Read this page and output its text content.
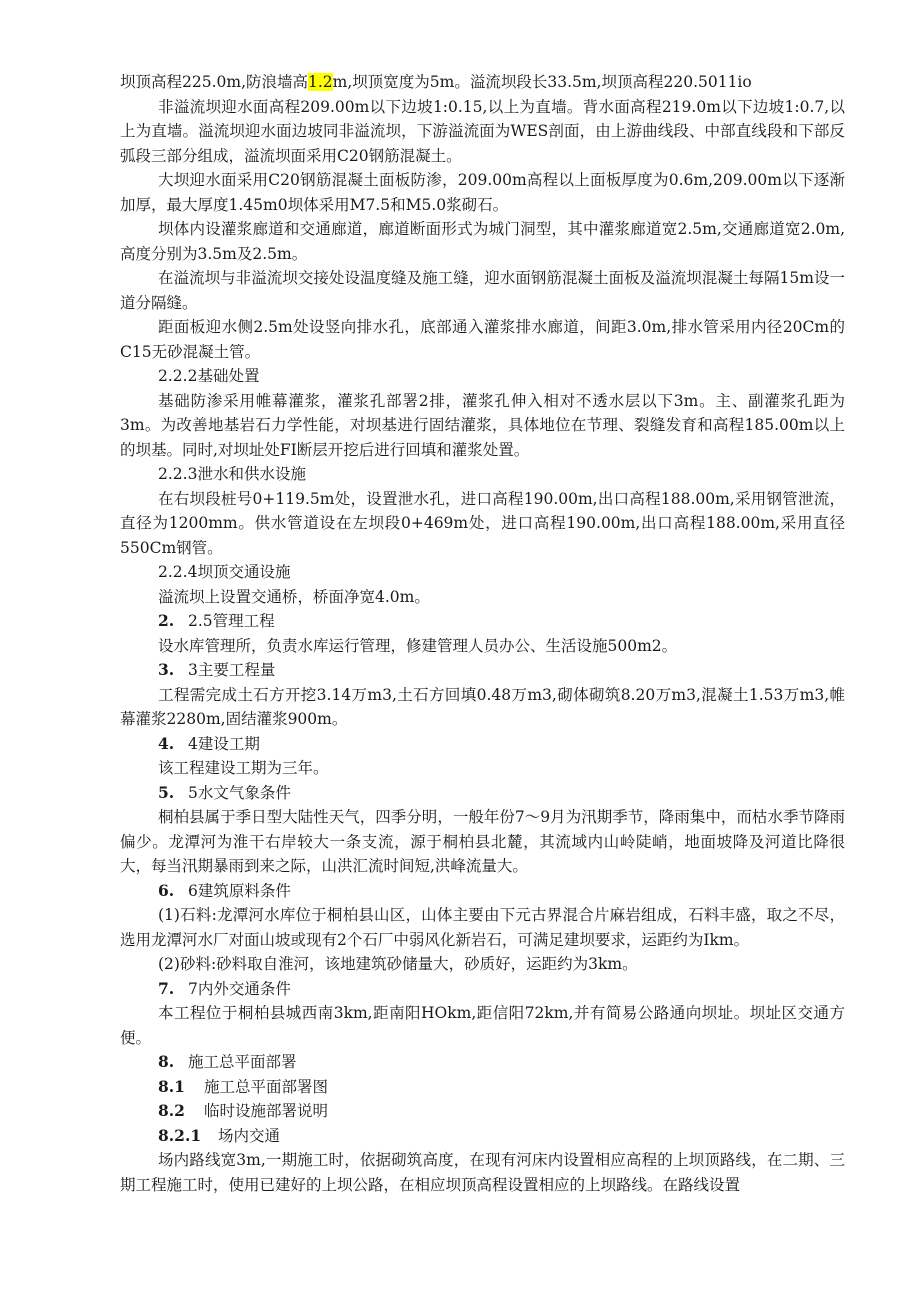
坝顶高程225.0m,防浪墙高1.2m,坝顶宽度为5m。溢流坝段长33.5m,坝顶高程220.5011io

非溢流坝迎水面高程209.00m以下边坡1:0.15,以上为直墙。背水面高程219.0m以下边坡1:0.7,以上为直墙。溢流坝迎水面边坡同非溢流坝，下游溢流面为WES剖面，由上游曲线段、中部直线段和下部反弧段三部分组成，溢流坝面采用C20钢筋混凝土。

大坝迎水面采用C20钢筋混凝土面板防渗，209.00m高程以上面板厚度为0.6m,209.00m以下逐渐加厚，最大厚度1.45m0坝体采用M7.5和M5.0浆砌石。

坝体内设灌浆廊道和交通廊道，廊道断面形式为城门洞型，其中灌浆廊道宽2.5m,交通廊道宽2.0m,高度分别为3.5m及2.5m。

在溢流坝与非溢流坝交接处设温度缝及施工缝，迎水面钢筋混凝土面板及溢流坝混凝土每隔15m设一道分隔缝。

距面板迎水侧2.5m处设竖向排水孔，底部通入灌浆排水廊道，间距3.0m,排水管采用内径20Cm的C15无砂混凝土管。

2.2.2基础处置

基础防渗采用帷幕灌浆，灌浆孔部署2排，灌浆孔伸入相对不透水层以下3m。主、副灌浆孔距为3m。为改善地基岩石力学性能，对坝基进行固结灌浆，具体地位在节理、裂缝发育和高程185.00m以上的坝基。同时,对坝址处FI断层开挖后进行回填和灌浆处置。

2.2.3泄水和供水设施

在右坝段桩号0+119.5m处，设置泄水孔，进口高程190.00m,出口高程188.00m,采用钢管泄流，直径为1200mm。供水管道设在左坝段0+469m处，进口高程190.00m,出口高程188.00m,采用直径550Cm钢管。

2.2.4坝顶交通设施

溢流坝上设置交通桥，桥面净宽4.0m。

2. 2.5管理工程

设水库管理所，负责水库运行管理，修建管理人员办公、生活设施500m2。

3. 3主要工程量

工程需完成土石方开挖3.14万m3,土石方回填0.48万m3,砌体砌筑8.20万m3,混凝土1.53万m3,帷幕灌浆2280m,固结灌浆900m。

4. 4建设工期

该工程建设工期为三年。

5. 5水文气象条件

桐柏县属于季日型大陆性天气，四季分明，一般年份7～9月为汛期季节，降雨集中，而枯水季节降雨偏少。龙潭河为淮干右岸较大一条支流，源于桐柏县北麓，其流域内山岭陡峭，地面坡降及河道比降很大，每当汛期暴雨到来之际，山洪汇流时间短,洪峰流量大。

6. 6建筑原料条件

(1)石料:龙潭河水库位于桐柏县山区，山体主要由下元古界混合片麻岩组成，石料丰盛，取之不尽，选用龙潭河水厂对面山坡或现有2个石厂中弱风化新岩石，可满足建坝要求，运距约为Ikm。

(2)砂料:砂料取自淮河，该地建筑砂储量大，砂质好，运距约为3km。

7. 7内外交通条件

本工程位于桐柏县城西南3km,距南阳HOkm,距信阳72km,并有简易公路通向坝址。坝址区交通方便。

8. 施工总平面部署

8.1 施工总平面部署图

8.2 临时设施部署说明

8.2.1 场内交通

场内路线宽3m,一期施工时，依据砌筑高度，在现有河床内设置相应高程的上坝顶路线，在二期、三期工程施工时，使用已建好的上坝公路，在相应坝顶高程设置相应的上坝路线。在路线设置
